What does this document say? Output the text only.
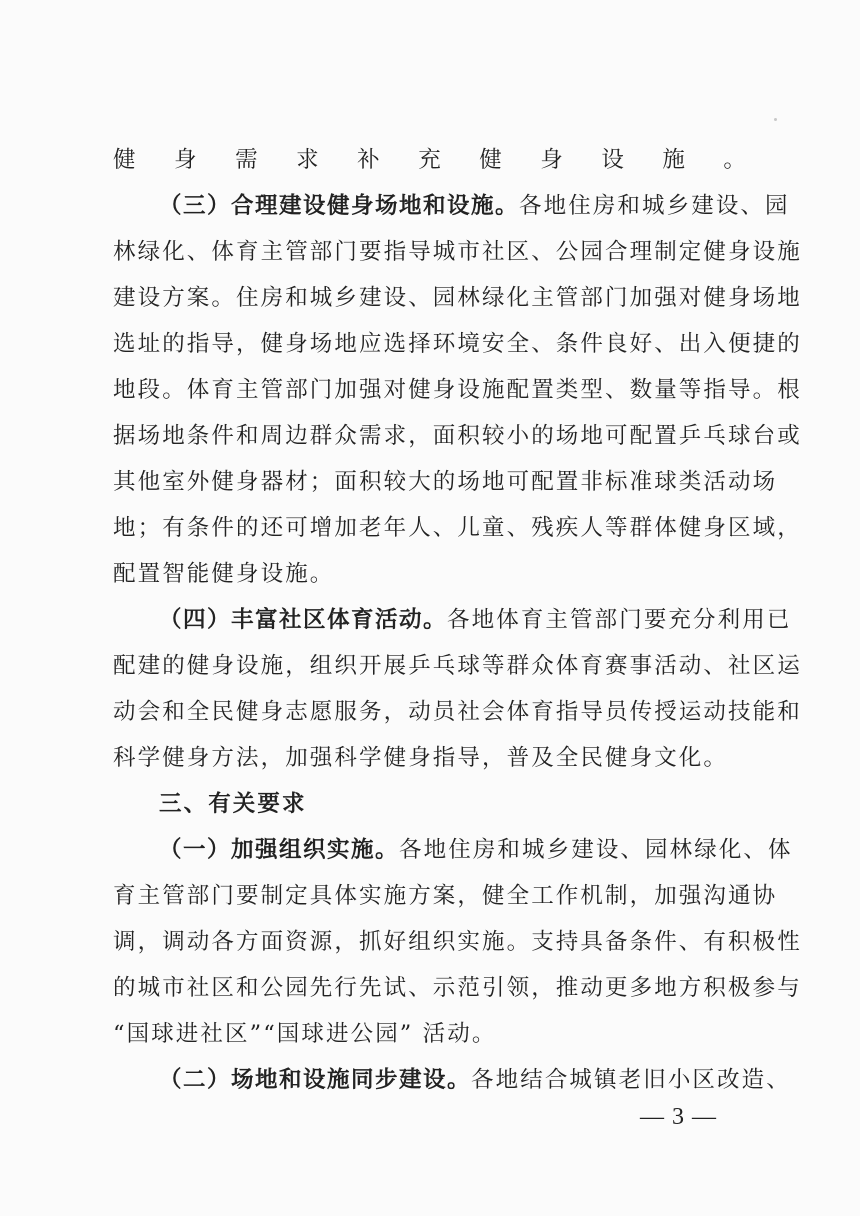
健身需求补充健身设施。
（三）合理建设健身场地和设施。各地住房和城乡建设、园
林绿化、体育主管部门要指导城市社区、公园合理制定健身设施
建设方案。住房和城乡建设、园林绿化主管部门加强对健身场地
选址的指导，健身场地应选择环境安全、条件良好、出入便捷的
地段。体育主管部门加强对健身设施配置类型、数量等指导。根
据场地条件和周边群众需求，面积较小的场地可配置乒乓球台或
其他室外健身器材；面积较大的场地可配置非标准球类活动场
地；有条件的还可增加老年人、儿童、残疾人等群体健身区域，
配置智能健身设施。
（四）丰富社区体育活动。各地体育主管部门要充分利用已
配建的健身设施，组织开展乒乓球等群众体育赛事活动、社区运
动会和全民健身志愿服务，动员社会体育指导员传授运动技能和
科学健身方法，加强科学健身指导，普及全民健身文化。
三、有关要求
（一）加强组织实施。各地住房和城乡建设、园林绿化、体
育主管部门要制定具体实施方案，健全工作机制，加强沟通协
调，调动各方面资源，抓好组织实施。支持具备条件、有积极性
的城市社区和公园先行先试、示范引领，推动更多地方积极参与
“国球进社区”“国球进公园” 活动。
（二）场地和设施同步建设。各地结合城镇老旧小区改造、
— 3 —
